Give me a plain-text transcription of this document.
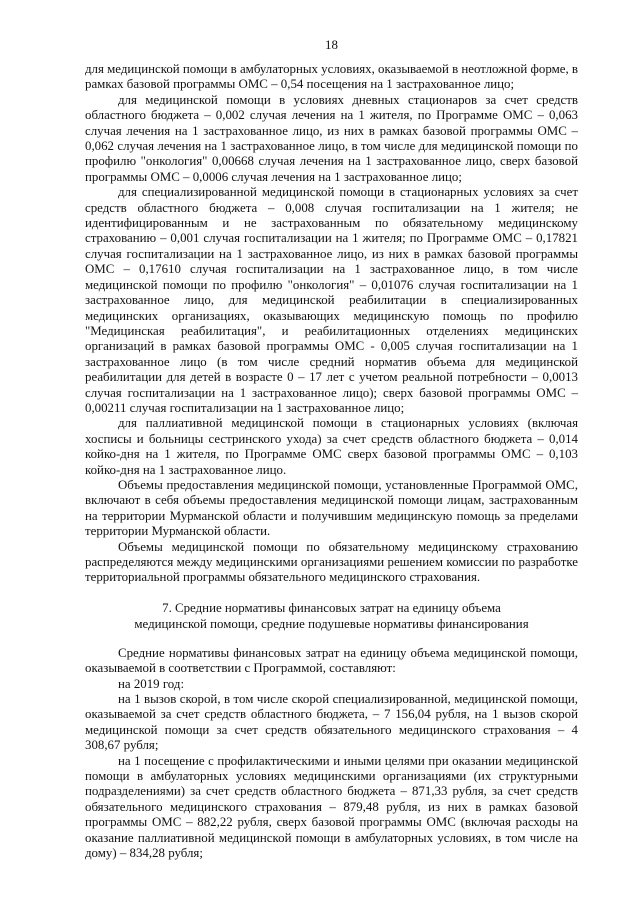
18

для медицинской помощи в амбулаторных условиях, оказываемой в неотложной форме, в рамках базовой программы ОМС – 0,54 посещения на 1 застрахованное лицо;

для медицинской помощи в условиях дневных стационаров за счет средств областного бюджета – 0,002 случая лечения на 1 жителя, по Программе ОМС – 0,063 случая лечения на 1 застрахованное лицо, из них в рамках базовой программы ОМС – 0,062 случая лечения на 1 застрахованное лицо, в том числе для медицинской помощи по профилю "онкология" 0,00668 случая лечения на 1 застрахованное лицо, сверх базовой программы ОМС – 0,0006 случая лечения на 1 застрахованное лицо;

для специализированной медицинской помощи в стационарных условиях за счет средств областного бюджета – 0,008 случая госпитализации на 1 жителя; не идентифицированным и не застрахованным по обязательному медицинскому страхованию – 0,001 случая госпитализации на 1 жителя; по Программе ОМС – 0,17821 случая госпитализации на 1 застрахованное лицо, из них в рамках базовой программы ОМС – 0,17610 случая госпитализации на 1 застрахованное лицо, в том числе медицинской помощи по профилю "онкология" – 0,01076 случая госпитализации на 1 застрахованное лицо, для медицинской реабилитации в специализированных медицинских организациях, оказывающих медицинскую помощь по профилю "Медицинская реабилитация", и реабилитационных отделениях медицинских организаций в рамках базовой программы ОМС - 0,005 случая госпитализации на 1 застрахованное лицо (в том числе средний норматив объема для медицинской реабилитации для детей в возрасте 0 – 17 лет с учетом реальной потребности – 0,0013 случая госпитализации на 1 застрахованное лицо); сверх базовой программы ОМС – 0,00211 случая госпитализации на 1 застрахованное лицо;

для паллиативной медицинской помощи в стационарных условиях (включая хосписы и больницы сестринского ухода) за счет средств областного бюджета – 0,014 койко-дня на 1 жителя, по Программе ОМС сверх базовой программы ОМС – 0,103 койко-дня на 1 застрахованное лицо.

Объемы предоставления медицинской помощи, установленные Программой ОМС, включают в себя объемы предоставления медицинской помощи лицам, застрахованным на территории Мурманской области и получившим медицинскую помощь за пределами территории Мурманской области.

Объемы медицинской помощи по обязательному медицинскому страхованию распределяются между медицинскими организациями решением комиссии по разработке территориальной программы обязательного медицинского страхования.

7. Средние нормативы финансовых затрат на единицу объема
медицинской помощи, средние подушевые нормативы финансирования

Средние нормативы финансовых затрат на единицу объема медицинской помощи, оказываемой в соответствии с Программой, составляют:

на 2019 год:

на 1 вызов скорой, в том числе скорой специализированной, медицинской помощи, оказываемой за счет средств областного бюджета, – 7 156,04 рубля, на 1 вызов скорой медицинской помощи за счет средств обязательного медицинского страхования – 4 308,67 рубля;

на 1 посещение с профилактическими и иными целями при оказании медицинской помощи в амбулаторных условиях медицинскими организациями (их структурными подразделениями) за счет средств областного бюджета – 871,33 рубля, за счет средств обязательного медицинского страхования – 879,48 рубля, из них в рамках базовой программы ОМС – 882,22 рубля, сверх базовой программы ОМС (включая расходы на оказание паллиативной медицинской помощи в амбулаторных условиях, в том числе на дому) – 834,28 рубля;
